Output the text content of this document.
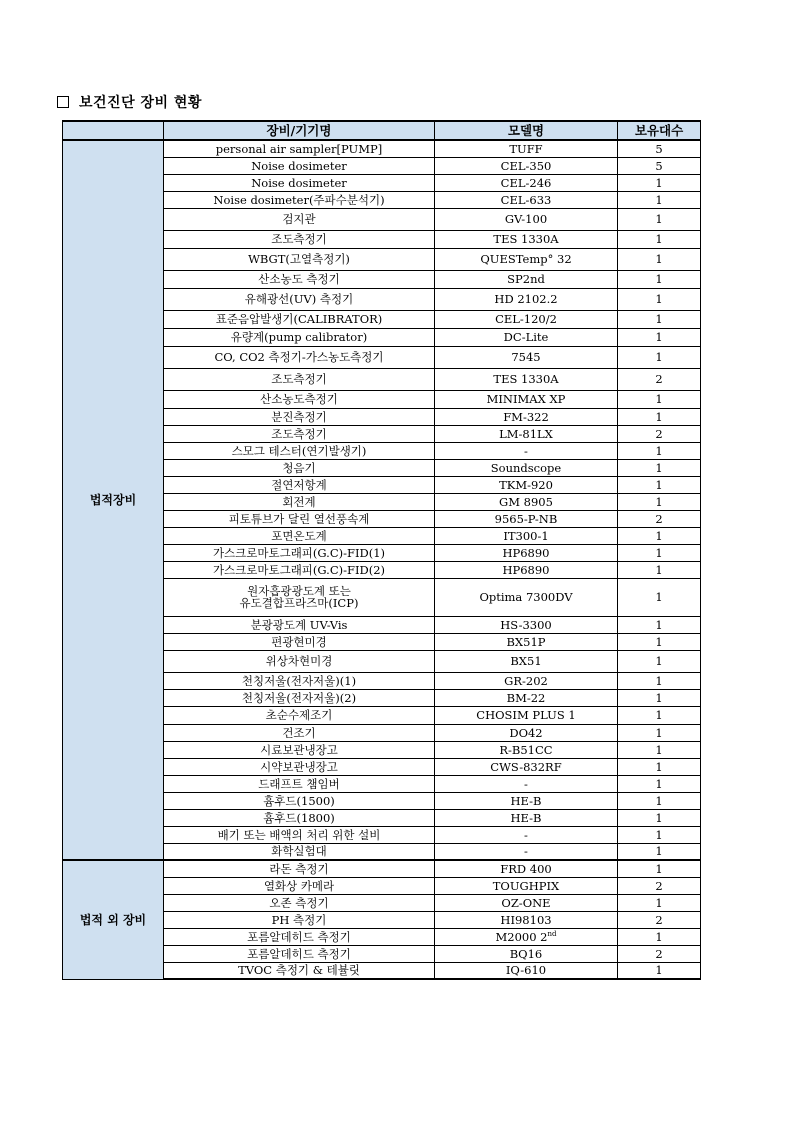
보건진단 장비 현황
	장비/기기명	모델명	보유대수
법적장비	personal air sampler[PUMP]	TUFF	5
	Noise dosimeter	CEL-350	5
	Noise dosimeter	CEL-246	1
	Noise dosimeter(주파수분석기)	CEL-633	1
	검지관	GV-100	1
	조도측정기	TES 1330A	1
	WBGT(고열측정기)	QUESTemp° 32	1
	산소농도 측정기	SP2nd	1
	유해광선(UV) 측정기	HD 2102.2	1
	표준음압발생기(CALIBRATOR)	CEL-120/2	1
	유량계(pump calibrator)	DC-Lite	1
	CO, CO2 측정기-가스농도측정기	7545	1
	조도측정기	TES 1330A	2
	산소농도측정기	MINIMAX XP	1
	분진측정기	FM-322	1
	조도측정기	LM-81LX	2
	스모그 테스터(연기발생기)	-	1
	청음기	Soundscope	1
	절연저항계	TKM-920	1
	회전계	GM 8905	1
	피토튜브가 달린 열선풍속계	9565-P-NB	2
	포면온도계	IT300-1	1
	가스크로마토그래피(G.C)-FID(1)	HP6890	1
	가스크로마토그래피(G.C)-FID(2)	HP6890	1

	원자흡광광도계 또는
유도결합프라즈마(ICP)	Optima 7300DV	1
	분광광도계 UV-Vis	HS-3300	1
	편광현미경	BX51P	1
	위상차현미경	BX51	1
	천칭저울(전자저울)(1)	GR-202	1
	천칭저울(전자저울)(2)	BM-22	1
	초순수제조기	CHOSIM PLUS 1	1
	건조기	DO42	1
	시료보관냉장고	R-B51CC	1
	시약보관냉장고	CWS-832RF	1
	드래프트 챔임버	-	1
	흄후드(1500)	HE-B	1
	흄후드(1800)	HE-B	1
	배기 또는 배액의 처리 위한 설비	-	1
	화학실험대	-	1
법적 외 장비	라돈 측정기	FRD 400	1
	열화상 카메라	TOUGHPIX	2
	오존 측정기	OZ-ONE	1
	PH 측정기	HI98103	2
	포름알데히드 측정기	M2000 2nd	1
	포름알데히드 측정기	BQ16	2
	TVOC 측정기 & 테뷸릿	IQ-610	1
